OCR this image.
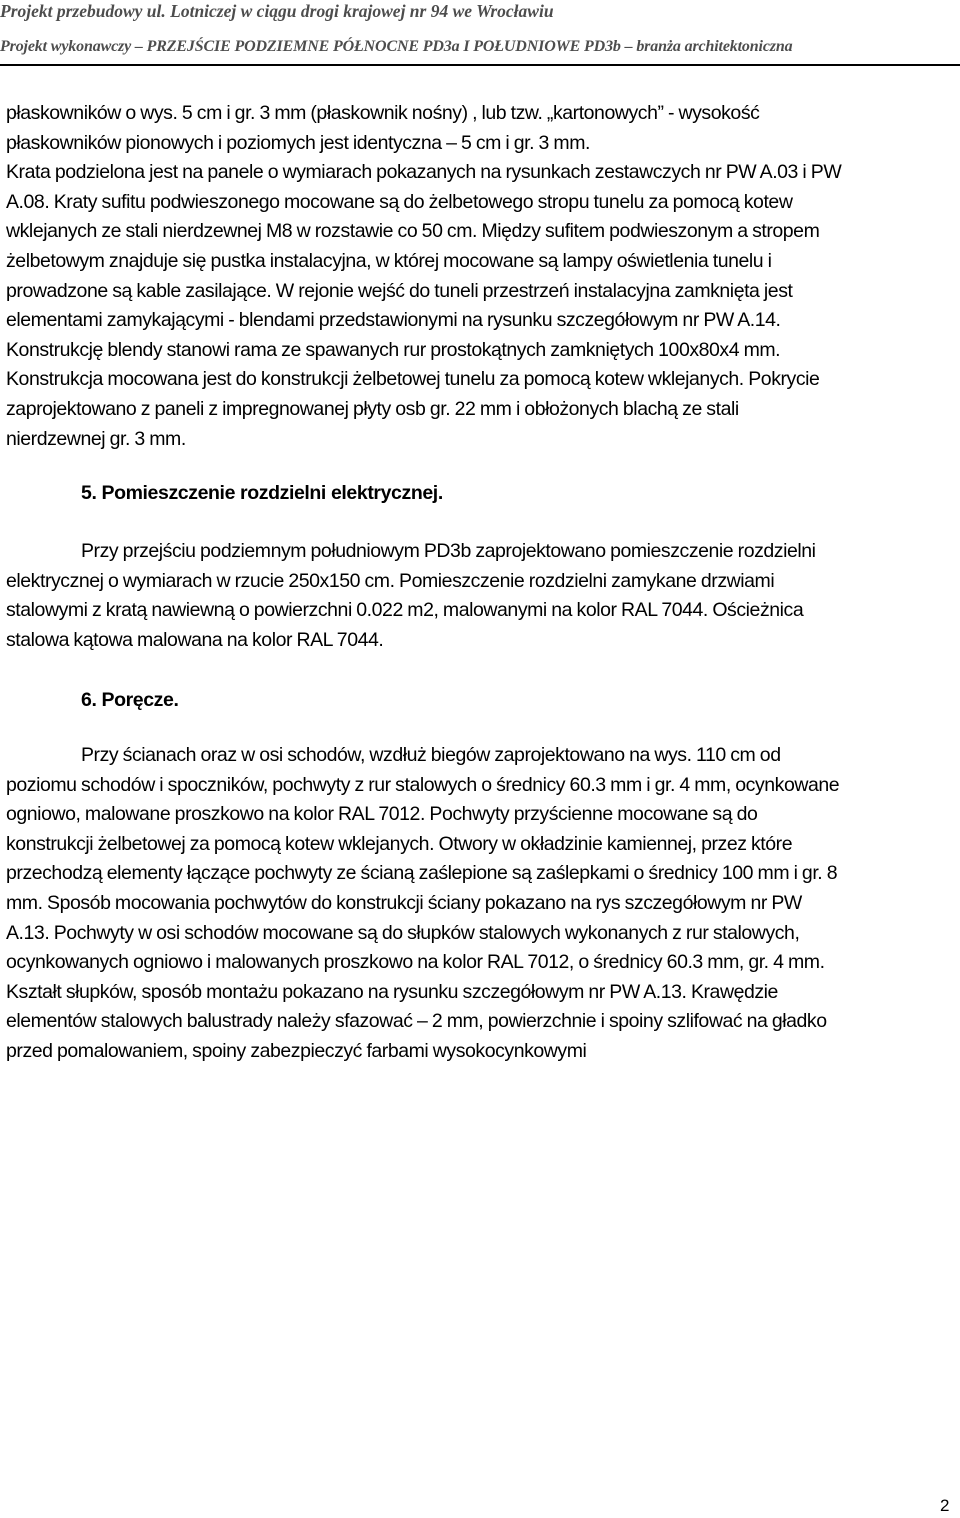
Projekt przebudowy ul. Lotniczej w ciągu drogi krajowej nr 94 we Wrocławiu
Projekt wykonawczy – PRZEJŚCIE PODZIEMNE PÓŁNOCNE PD3a I POŁUDNIOWE PD3b – branża architektoniczna
płaskowników o wys. 5 cm i gr. 3 mm (płaskownik nośny) , lub tzw. „kartonowych” - wysokość
płaskowników pionowych i poziomych jest identyczna – 5 cm i gr. 3 mm.
Krata podzielona jest na panele o wymiarach pokazanych na rysunkach zestawczych nr PW A.03 i PW
A.08. Kraty sufitu podwieszonego mocowane są do żelbetowego stropu tunelu za pomocą kotew
wklejanych ze stali nierdzewnej M8 w rozstawie co 50 cm. Między sufitem podwieszonym a stropem
żelbetowym znajduje się pustka instalacyjna, w której mocowane są lampy oświetlenia tunelu i
prowadzone są kable zasilające. W rejonie wejść do tuneli przestrzeń instalacyjna zamknięta jest
elementami zamykającymi - blendami przedstawionymi na rysunku szczegółowym nr PW A.14.
Konstrukcję blendy stanowi rama ze spawanych rur prostokątnych zamkniętych 100x80x4 mm.
Konstrukcja mocowana jest do konstrukcji żelbetowej tunelu za pomocą kotew wklejanych. Pokrycie
zaprojektowano z paneli z impregnowanej płyty osb gr. 22 mm i obłożonych blachą ze stali
nierdzewnej gr. 3 mm.
5. Pomieszczenie rozdzielni elektrycznej.
Przy przejściu podziemnym południowym PD3b zaprojektowano pomieszczenie rozdzielni
elektrycznej o wymiarach w rzucie 250x150 cm. Pomieszczenie rozdzielni zamykane drzwiami
stalowymi z kratą nawiewną o powierzchni 0.022 m2, malowanymi na kolor RAL 7044. Ościeżnica
stalowa kątowa malowana na kolor RAL 7044.
6. Poręcze.
Przy ścianach oraz w osi schodów, wzdłuż biegów zaprojektowano na wys. 110 cm od
poziomu schodów i spoczników, pochwyty z rur stalowych o średnicy 60.3 mm i gr. 4 mm, ocynkowane
ogniowo, malowane proszkowo na kolor RAL 7012. Pochwyty przyścienne mocowane są do
konstrukcji żelbetowej za pomocą kotew wklejanych. Otwory w okładzinie kamiennej, przez które
przechodzą elementy łączące pochwyty ze ścianą zaślepione są zaślepkami o średnicy 100 mm i gr. 8
mm. Sposób mocowania pochwytów do konstrukcji ściany pokazano na rys szczegółowym nr PW
A.13. Pochwyty w osi schodów mocowane są do słupków stalowych wykonanych z rur stalowych,
ocynkowanych ogniowo i malowanych proszkowo na kolor RAL 7012, o średnicy 60.3 mm, gr. 4 mm.
Kształt słupków, sposób montażu pokazano na rysunku szczegółowym nr PW A.13. Krawędzie
elementów stalowych balustrady należy sfazować – 2 mm, powierzchnie i spoiny szlifować na gładko
przed pomalowaniem, spoiny zabezpieczyć farbami wysokocynkowymi
2
